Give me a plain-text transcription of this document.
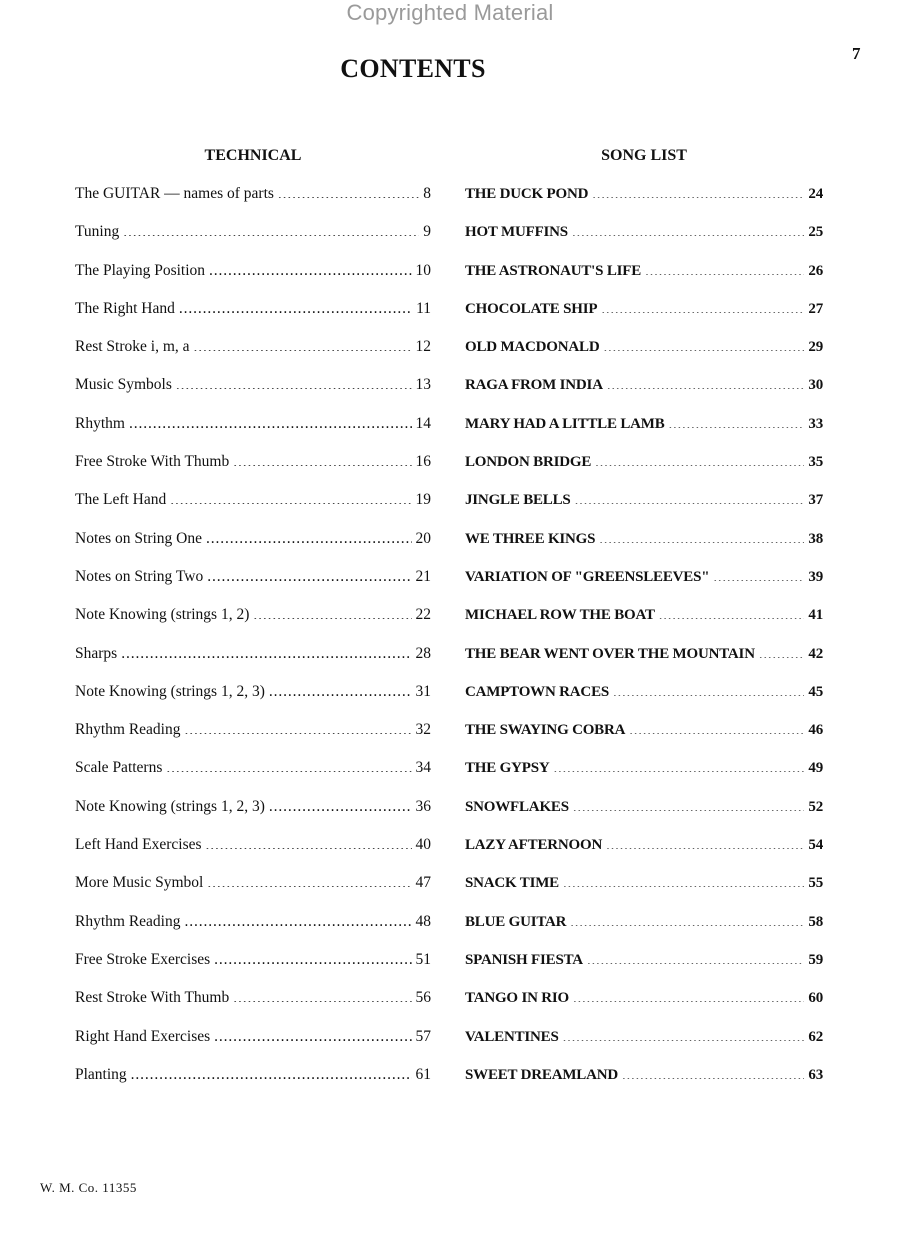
Copyrighted Material
7
CONTENTS
TECHNICAL
The GUITAR — names of parts . . .	8
Tuning . . .	9
The Playing Position . . .	10
The Right Hand . . .	11
Rest Stroke i, m, a . . .	12
Music Symbols . . .	13
Rhythm . . .	14
Free Stroke With Thumb . . .	16
The Left Hand . . .	19
Notes on String One . . .	20
Notes on String Two . . .	21
Note Knowing (strings 1, 2) . . .	22
Sharps . . .	28
Note Knowing (strings 1, 2, 3) . . .	31
Rhythm Reading . . .	32
Scale Patterns . . .	34
Note Knowing (strings 1, 2, 3) . . .	36
Left Hand Exercises . . .	40
More Music Symbol . . .	47
Rhythm Reading . . .	48
Free Stroke Exercises . . .	51
Rest Stroke With Thumb . . .	56
Right Hand Exercises . . .	57
Planting . . .	61
SONG LIST
THE DUCK POND . . .	24
HOT MUFFINS . . .	25
THE ASTRONAUT'S LIFE . . .	26
CHOCOLATE SHIP . . .	27
OLD MACDONALD . . .	29
RAGA FROM INDIA . . .	30
MARY HAD A LITTLE LAMB . . .	33
LONDON BRIDGE . . .	35
JINGLE BELLS . . .	37
WE THREE KINGS . . .	38
VARIATION OF "GREENSLEEVES" . . .	39
MICHAEL ROW THE BOAT . . .	41
THE BEAR WENT OVER THE MOUNTAIN . . .	42
CAMPTOWN RACES . . .	45
THE SWAYING COBRA . . .	46
THE GYPSY . . .	49
SNOWFLAKES . . .	52
LAZY AFTERNOON . . .	54
SNACK TIME . . .	55
BLUE GUITAR . . .	58
SPANISH FIESTA . . .	59
TANGO IN RIO . . .	60
VALENTINES . . .	62
SWEET DREAMLAND . . .	63
W. M. Co. 11355
